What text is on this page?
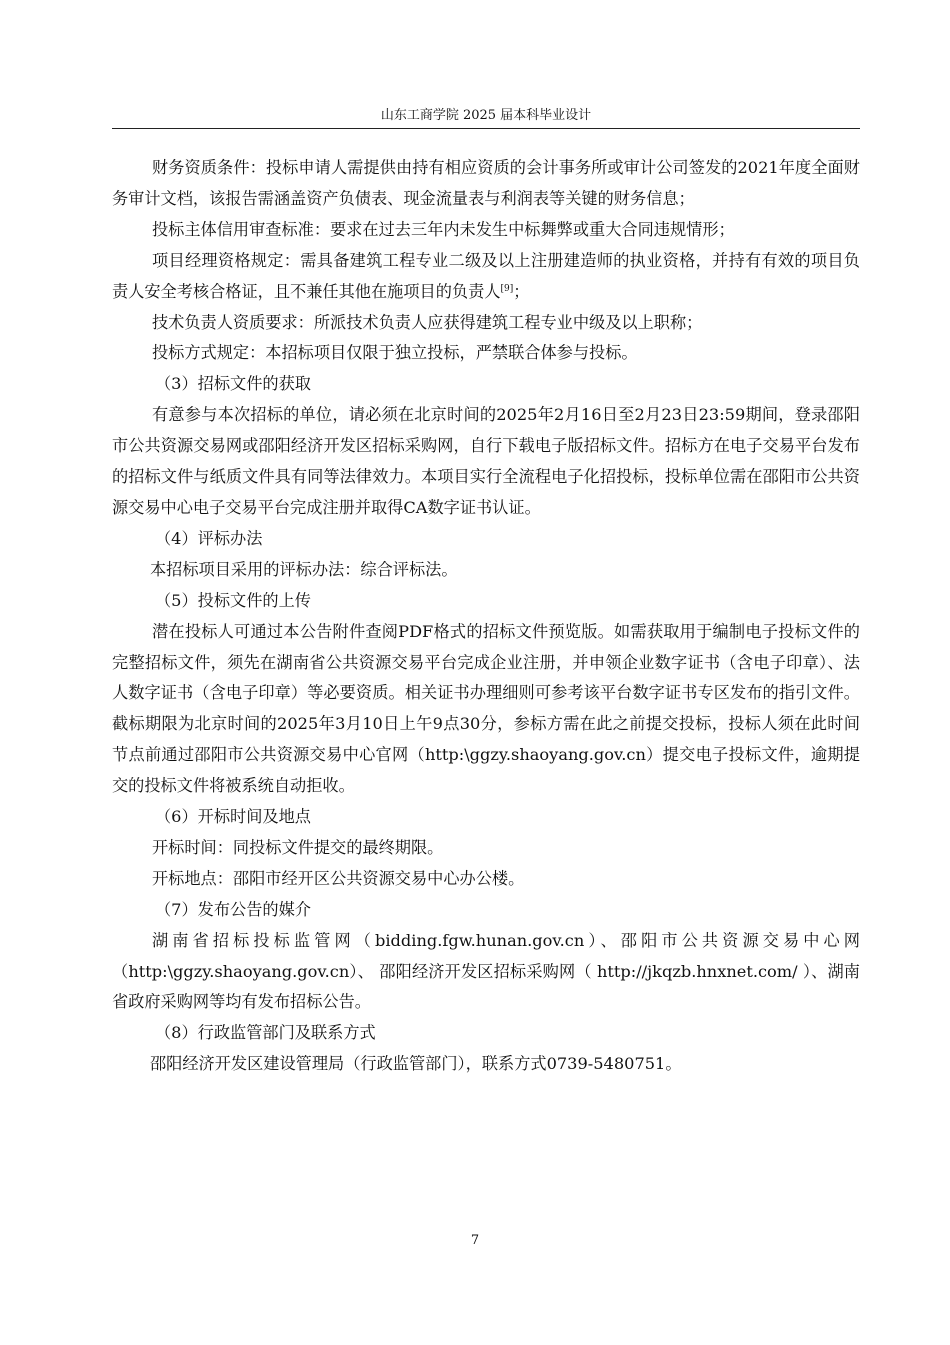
山东工商学院 2025 届本科毕业设计

财务资质条件：投标申请人需提供由持有相应资质的会计事务所或审计公司签发的2021年度全面财务审计文档，该报告需涵盖资产负债表、现金流量表与利润表等关键的财务信息；

投标主体信用审查标准：要求在过去三年内未发生中标舞弊或重大合同违规情形；

项目经理资格规定：需具备建筑工程专业二级及以上注册建造师的执业资格，并持有有效的项目负责人安全考核合格证，且不兼任其他在施项目的负责人[9]；

技术负责人资质要求：所派技术负责人应获得建筑工程专业中级及以上职称；

投标方式规定：本招标项目仅限于独立投标，严禁联合体参与投标。

（3）招标文件的获取

有意参与本次招标的单位，请必须在北京时间的2025年2月16日至2月23日23:59期间，登录邵阳市公共资源交易网或邵阳经济开发区招标采购网，自行下载电子版招标文件。招标方在电子交易平台发布的招标文件与纸质文件具有同等法律效力。本项目实行全流程电子化招投标，投标单位需在邵阳市公共资源交易中心电子交易平台完成注册并取得CA数字证书认证。

（4）评标办法

本招标项目采用的评标办法：综合评标法。

（5）投标文件的上传

潜在投标人可通过本公告附件查阅PDF格式的招标文件预览版。如需获取用于编制电子投标文件的完整招标文件，须先在湖南省公共资源交易平台完成企业注册，并申领企业数字证书（含电子印章）、法人数字证书（含电子印章）等必要资质。相关证书办理细则可参考该平台数字证书专区发布的指引文件。截标期限为北京时间的2025年3月10日上午9点30分，参标方需在此之前提交投标，投标人须在此时间节点前通过邵阳市公共资源交易中心官网（http:\ggzy.shaoyang.gov.cn）提交电子投标文件，逾期提交的投标文件将被系统自动拒收。

（6）开标时间及地点

开标时间：同投标文件提交的最终期限。

开标地点：邵阳市经开区公共资源交易中心办公楼。

（7）发布公告的媒介

湖南省招标投标监管网（bidding.fgw.hunan.gov.cn）、邵阳市公共资源交易中心网（http:\ggzy.shaoyang.gov.cn）、 邵阳经济开发区招标采购网（ http://jkqzb.hnxnet.com/ ）、湖南省政府采购网等均有发布招标公告。

（8）行政监管部门及联系方式

邵阳经济开发区建设管理局（行政监管部门），联系方式0739-5480751。

7
